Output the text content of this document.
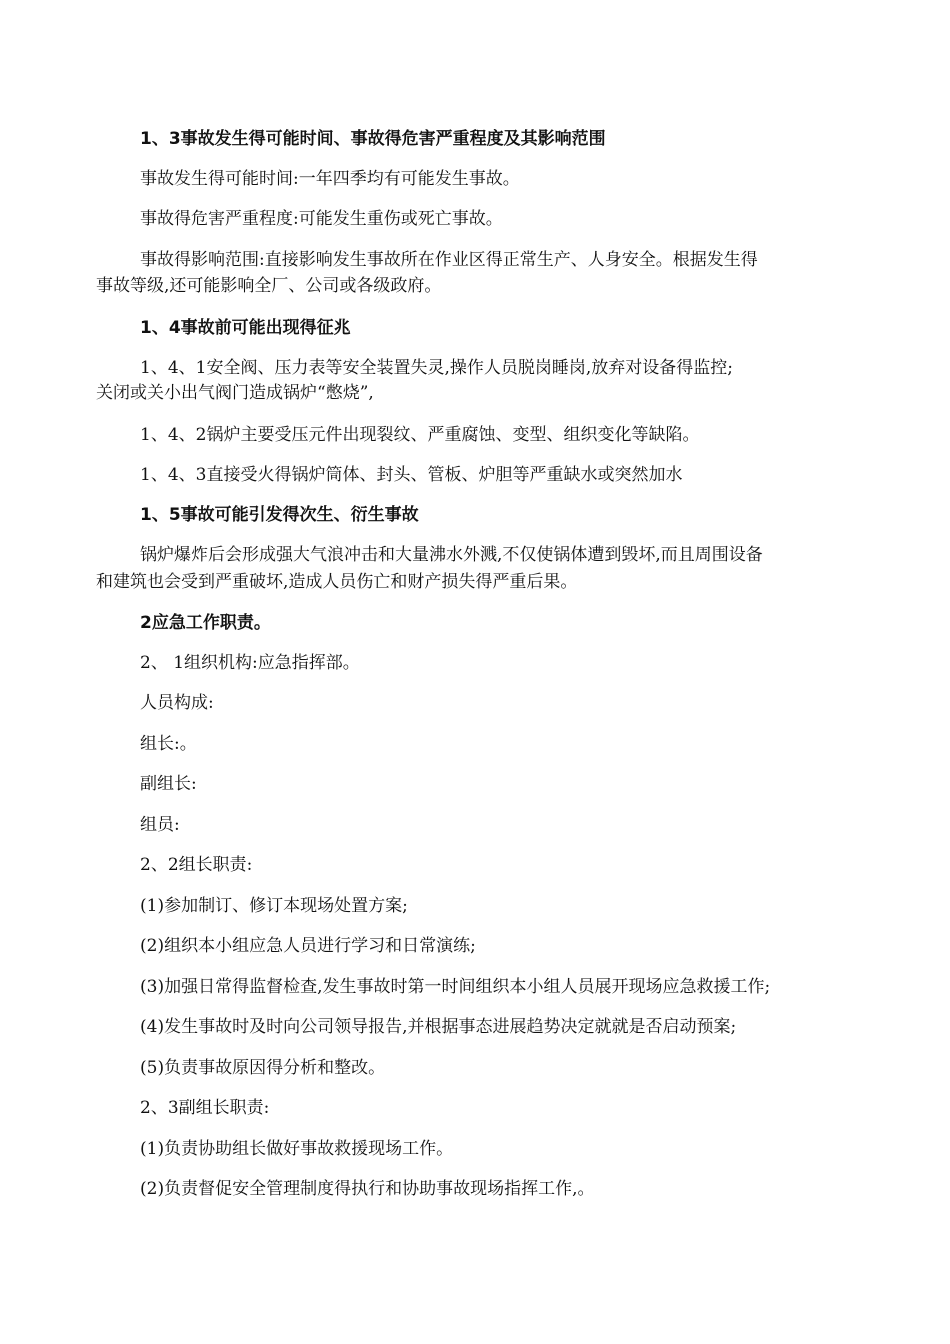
1、3事故发生得可能时间、事故得危害严重程度及其影响范围
事故发生得可能时间:一年四季均有可能发生事故。
事故得危害严重程度:可能发生重伤或死亡事故。
事故得影响范围:直接影响发生事故所在作业区得正常生产、人身安全。根据发生得
事故等级,还可能影响全厂、公司或各级政府。
1、4事故前可能出现得征兆
1、4、1安全阀、压力表等安全装置失灵,操作人员脱岗睡岗,放弃对设备得监控;
关闭或关小出气阀门造成锅炉“憋烧”,
1、4、2锅炉主要受压元件出现裂纹、严重腐蚀、变型、组织变化等缺陷。
1、4、3直接受火得锅炉筒体、封头、管板、炉胆等严重缺水或突然加水
1、5事故可能引发得次生、衍生事故
锅炉爆炸后会形成强大气浪冲击和大量沸水外溅,不仅使锅体遭到毁坏,而且周围设备
和建筑也会受到严重破坏,造成人员伤亡和财产损失得严重后果。
2应急工作职责。
2、 1组织机构:应急指挥部。
人员构成:
组长:。
副组长:
组员:
2、2组长职责:
(1)参加制订、修订本现场处置方案;
(2)组织本小组应急人员进行学习和日常演练;
(3)加强日常得监督检查,发生事故时第一时间组织本小组人员展开现场应急救援工作;
(4)发生事故时及时向公司领导报告,并根据事态进展趋势决定就就是否启动预案;
(5)负责事故原因得分析和整改。
2、3副组长职责:
(1)负责协助组长做好事故救援现场工作。
(2)负责督促安全管理制度得执行和协助事故现场指挥工作,。
